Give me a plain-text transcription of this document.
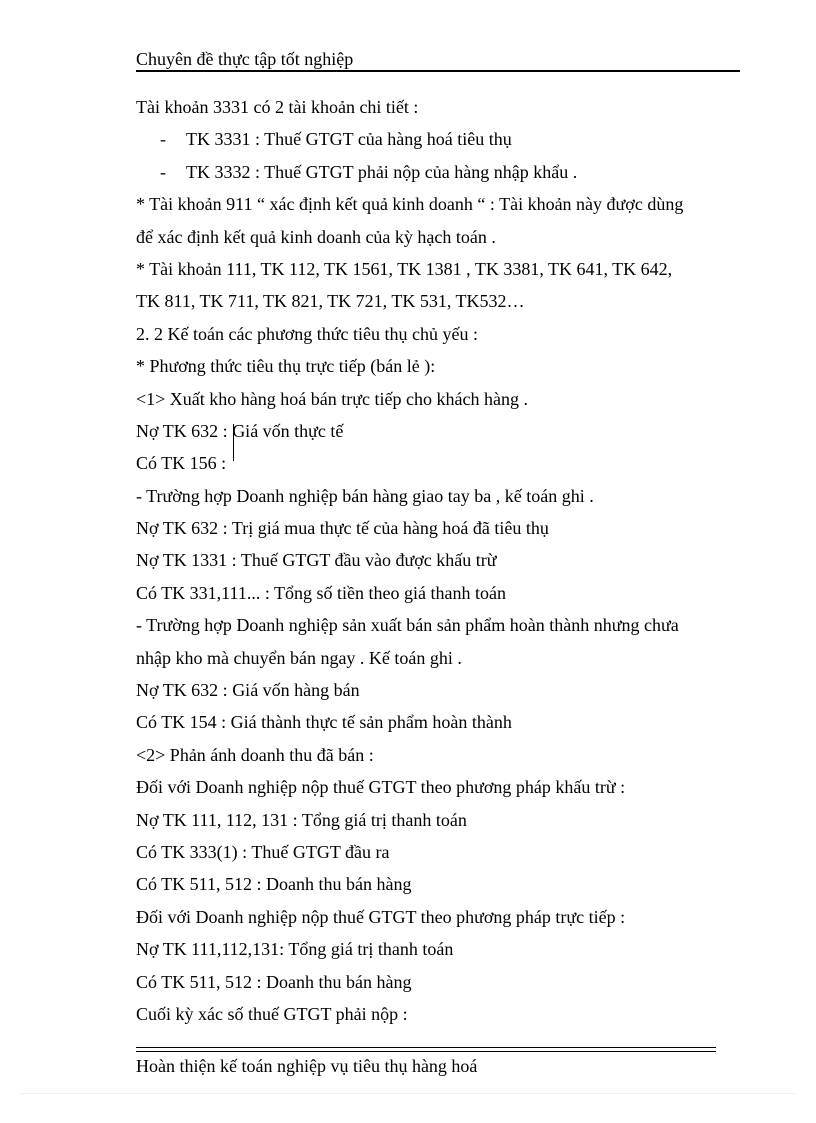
Chuyên đề thực tập tốt nghiệp
Tài khoản 3331 có 2 tài khoản chi tiết :
- TK 3331 : Thuế GTGT của hàng hoá tiêu thụ
- TK 3332 : Thuế GTGT phải nộp của hàng nhập khẩu .
* Tài khoản 911 “ xác định kết quả kinh doanh “ : Tài khoản này được dùng
để xác định kết quả kinh doanh của kỳ hạch toán .
* Tài khoản 111, TK 112, TK 1561, TK 1381 , TK 3381, TK 641, TK 642,
TK 811, TK 711, TK 821, TK 721, TK 531, TK532…
2. 2 Kế toán các phương thức tiêu thụ chủ yếu :
* Phương thức tiêu thụ trực tiếp (bán lẻ ):
<1> Xuất kho hàng hoá bán trực tiếp cho khách hàng .
Nợ TK 632 : Giá vốn thực tế
Có TK 156 :
- Trường hợp Doanh nghiệp bán hàng giao tay ba , kế toán ghi .
Nợ TK 632 : Trị giá mua thực tế của hàng hoá đã tiêu thụ
Nợ TK 1331 : Thuế GTGT đầu vào được khấu trừ
Có TK 331,111... : Tổng số tiền theo giá thanh toán
- Trường hợp Doanh nghiệp sản xuất bán sản phẩm hoàn thành nhưng chưa
nhập kho mà chuyển bán ngay . Kế toán ghi .
Nợ TK 632 : Giá vốn hàng bán
Có TK 154 : Giá thành thực tế sản phẩm hoàn thành
<2> Phản ánh doanh thu đã bán :
Đối với Doanh nghiệp nộp thuế GTGT theo phương pháp khấu trừ :
Nợ TK 111, 112, 131 : Tổng giá trị thanh toán
Có TK 333(1) : Thuế GTGT đầu ra
Có TK 511, 512 : Doanh thu bán hàng
Đối với Doanh nghiệp nộp thuế GTGT theo phương pháp trực tiếp :
Nợ TK 111,112,131: Tổng giá trị thanh toán
Có TK 511, 512 : Doanh thu bán hàng
Cuối kỳ xác số thuế GTGT phải nộp :
Hoàn thiện kế toán nghiệp vụ tiêu thụ hàng hoá
